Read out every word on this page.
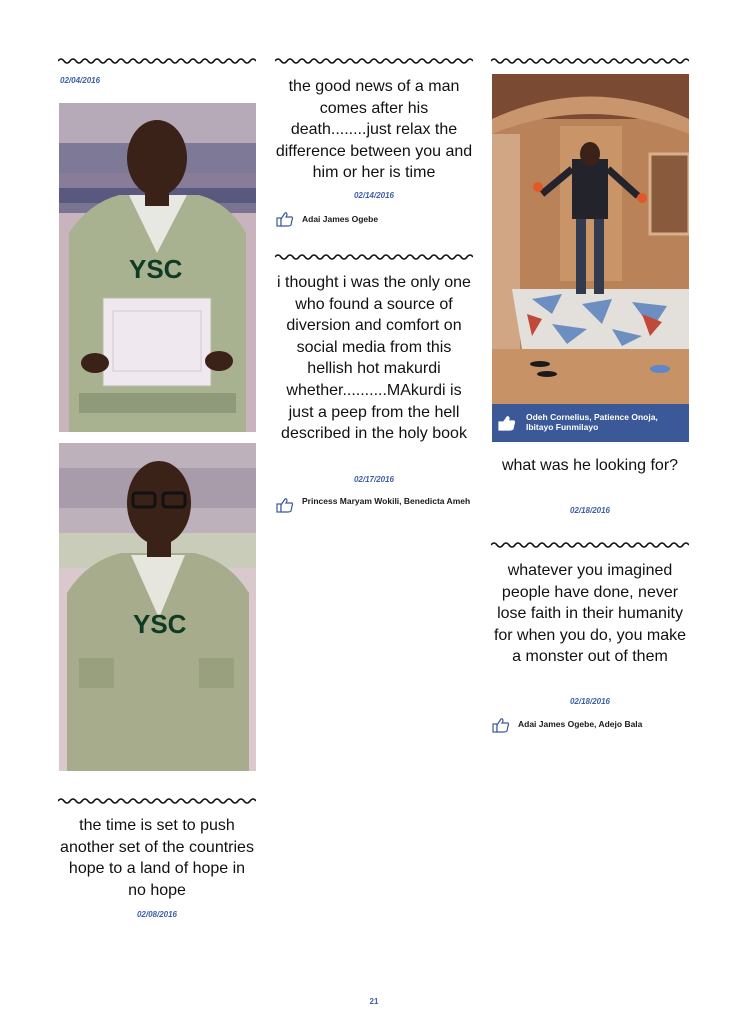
02/04/2016
YSC
YSC
the time is set to push another set of the countries hope to a land of hope in no hope
02/08/2016
the good news of a man comes after his death........just relax the difference between you and him or her is time
02/14/2016
Adai James Ogebe
i thought i was the only one who found a source of diversion and comfort on social media from this hellish hot makurdi whether..........MAkurdi is just a peep from the hell described in the holy book
02/17/2016
Princess Maryam Wokili, Benedicta Ameh
Odeh Cornelius, Patience Onoja, Ibitayo Funmilayo
what was he looking for?
02/18/2016
whatever you imagined people have done, never lose faith in their humanity for when you do, you make a monster out of them
02/18/2016
Adai James Ogebe, Adejo Bala
21
